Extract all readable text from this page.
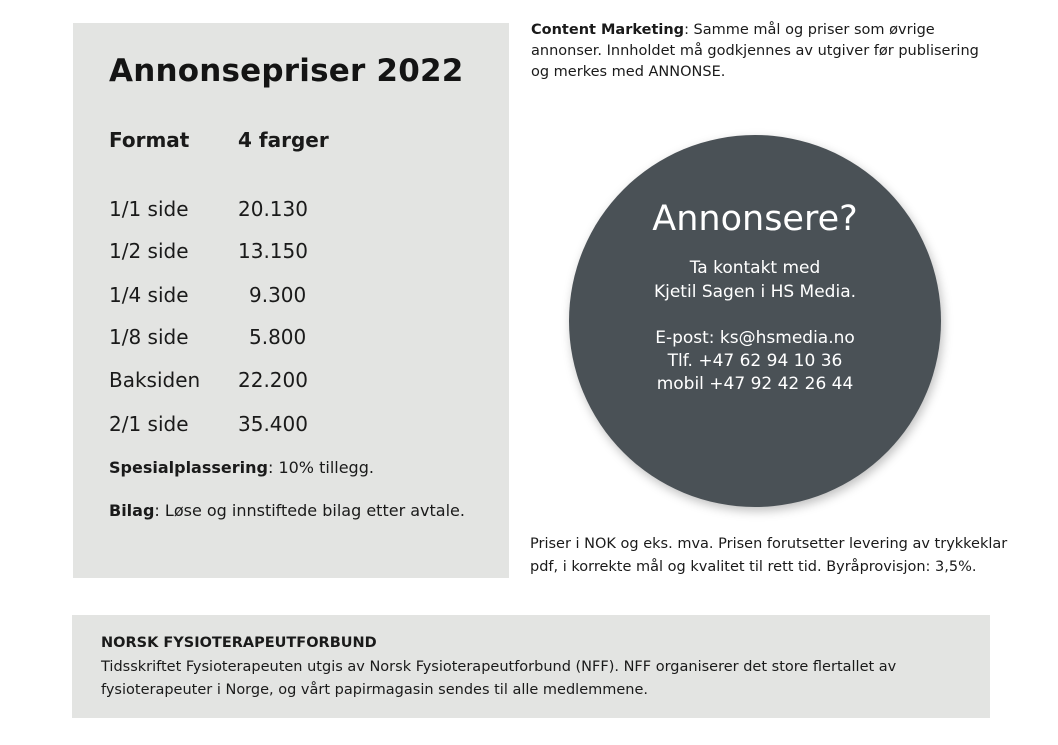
Annonsepriser 2022
Format 4 farger
1/1 side 20.130
1/2 side 13.150
1/4 side	9.300
1/8 side	5.800
Baksiden 22.200
2/1 side 35.400
Spesialplassering: 10% tillegg.
Bilag: Løse og innstiftede bilag etter avtale.
Content Marketing: Samme mål og priser som øvrige annonser. Innholdet må godkjennes av utgiver før publisering og merkes med ANNONSE.
Annonsere?
Ta kontakt med
Kjetil Sagen i HS Media.
E-post: ks@hsmedia.no
Tlf. +47 62 94 10 36
mobil +47 92 42 26 44
Priser i NOK og eks. mva. Prisen forutsetter levering av trykkeklar pdf, i korrekte mål og kvalitet til rett tid. Byråprovisjon: 3,5%.
NORSK FYSIOTERAPEUTFORBUND
Tidsskriftet Fysioterapeuten utgis av Norsk Fysioterapeutforbund (NFF). NFF organiserer det store flertallet av fysioterapeuter i Norge, og vårt papirmagasin sendes til alle medlemmene.
